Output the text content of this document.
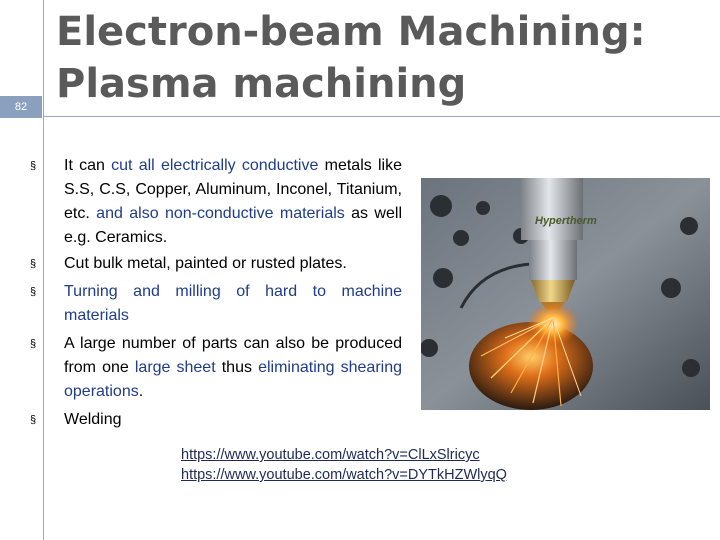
82
Electron-beam Machining:
Plasma machining
§ It can cut all electrically conductive metals like S.S, C.S, Copper, Aluminum, Inconel, Titanium, etc. and also non-conductive materials as well e.g. Ceramics.
§ Cut bulk metal, painted or rusted plates.
§ Turning and milling of hard to machine materials
§ A large number of parts can also be produced from one large sheet thus eliminating shearing operations.
§ Welding
Hypertherm
https://www.youtube.com/watch?v=ClLxSlricyc
https://www.youtube.com/watch?v=DYTkHZWlyqQ
